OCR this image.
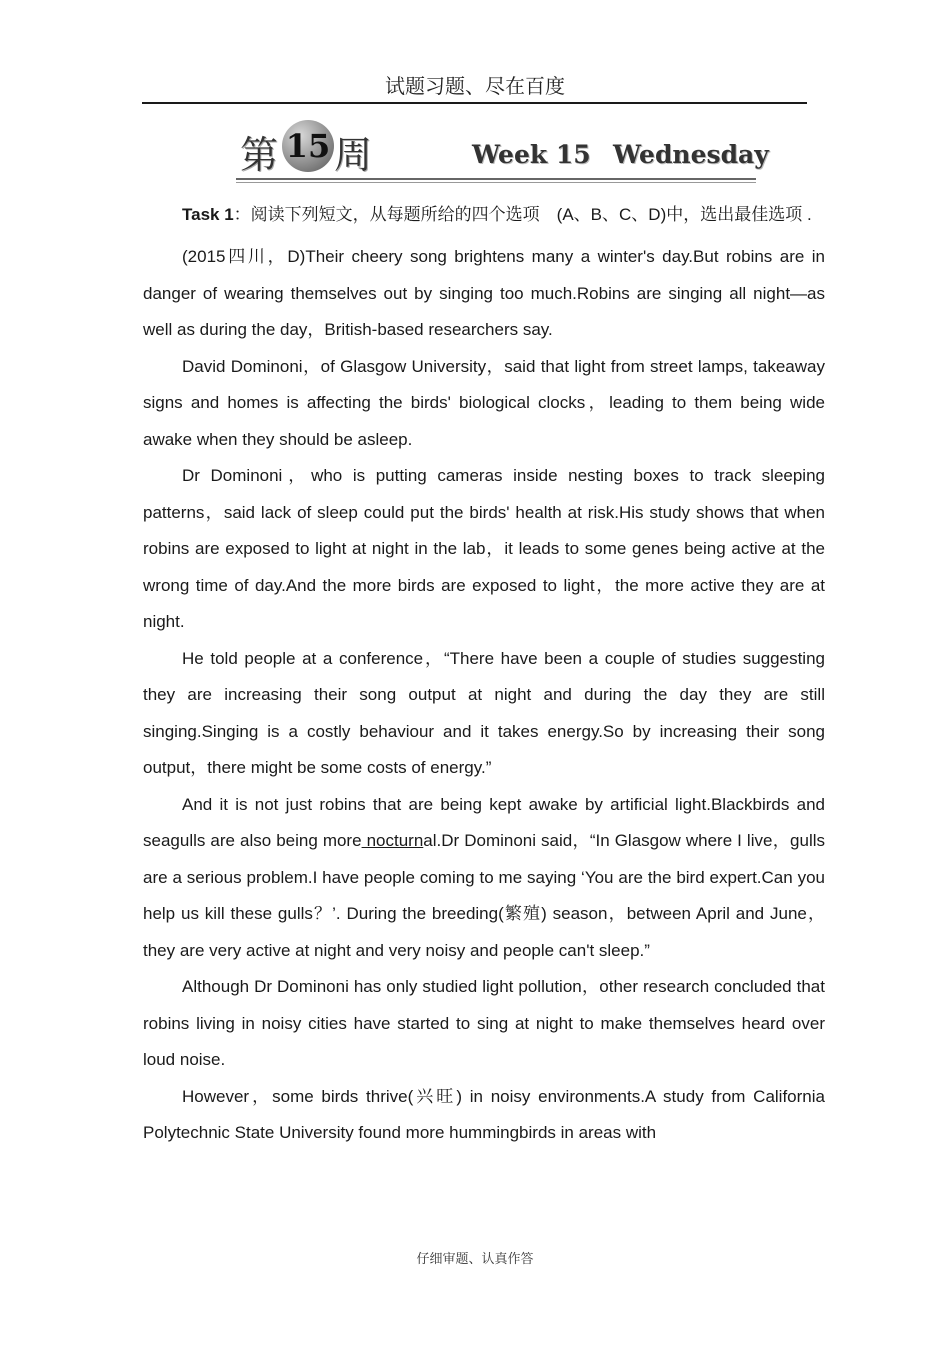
试题习题、尽在百度
第 15 周	Week 15 Wednesday

Task 1：阅读下列短文，从每题所给的四个选项　(A、B、C、D)中，选出最佳选项 .

(2015四川，D)Their cheery song brightens many a winter's day.But robins are in danger of wearing themselves out by singing too much.Robins are singing all night—as well as during the day，British-based researchers say.

David Dominoni，of Glasgow University，said that light from street lamps, takeaway signs and homes is affecting the birds' biological clocks，leading to them being wide awake when they should be asleep.

Dr Dominoni，who is putting cameras inside nesting boxes to track sleeping patterns，said lack of sleep could put the birds' health at risk.His study shows that when robins are exposed to light at night in the lab，it leads to some genes being active at the wrong time of day.And the more birds are exposed to light，the more active they are at night.

He told people at a conference，“There have been a couple of studies suggesting they are increasing their song output at night and during the day they are still singing.Singing is a costly behaviour and it takes energy.So by increasing their song output，there might be some costs of energy.”

And it is not just robins that are being kept awake by artificial light.Blackbirds and seagulls are also being more nocturnal.Dr Dominoni said，“In Glasgow where I live，gulls are a serious problem.I have people coming to me saying ‘You are the bird expert.Can you help us kill these gulls？’. During the breeding(繁殖) season，between April and June，they are very active at night and very noisy and people can't sleep.”

Although Dr Dominoni has only studied light pollution，other research concluded that robins living in noisy cities have started to sing at night to make themselves heard over loud noise.

However，some birds thrive(兴旺) in noisy environments.A study from California Polytechnic State University found more hummingbirds in areas with

仔细审题、认真作答
